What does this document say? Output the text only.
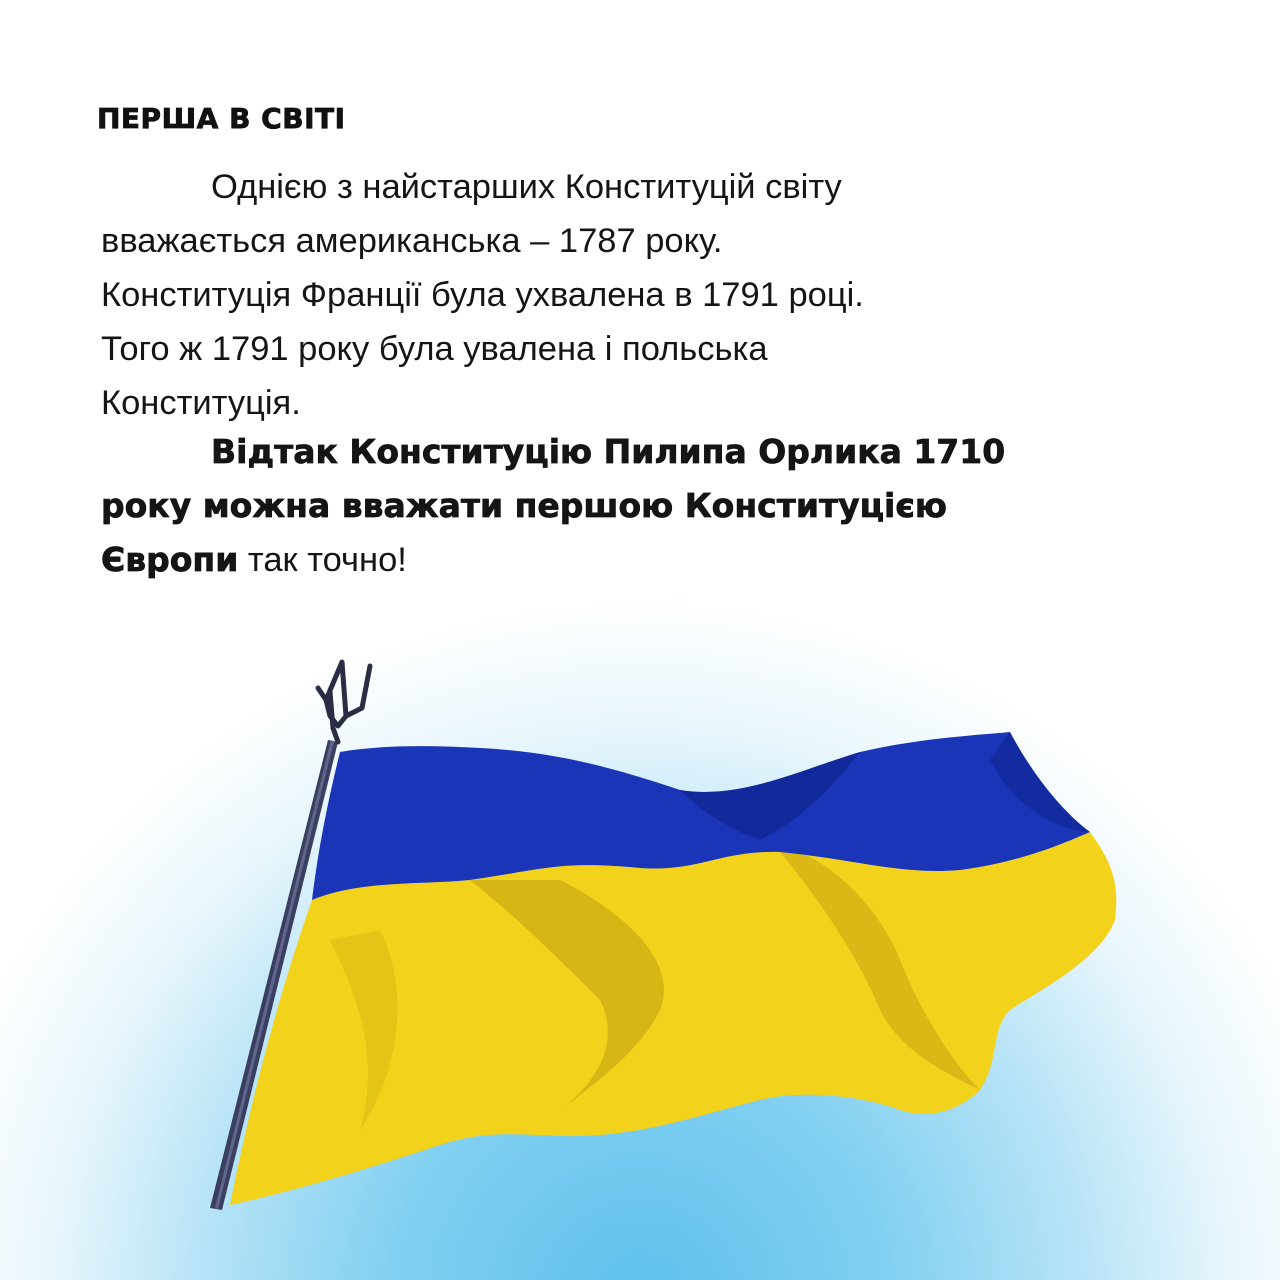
ПЕРША В СВІТІ

Однією з найстарших Конституцій світу
вважається американська – 1787 року.
Конституція Франції була ухвалена в 1791 році.
Того ж 1791 року була увалена і польська
Конституція.

Відтак Конституцію Пилипа Орлика 1710
року можна вважати першою Конституцією
Європи так точно!
